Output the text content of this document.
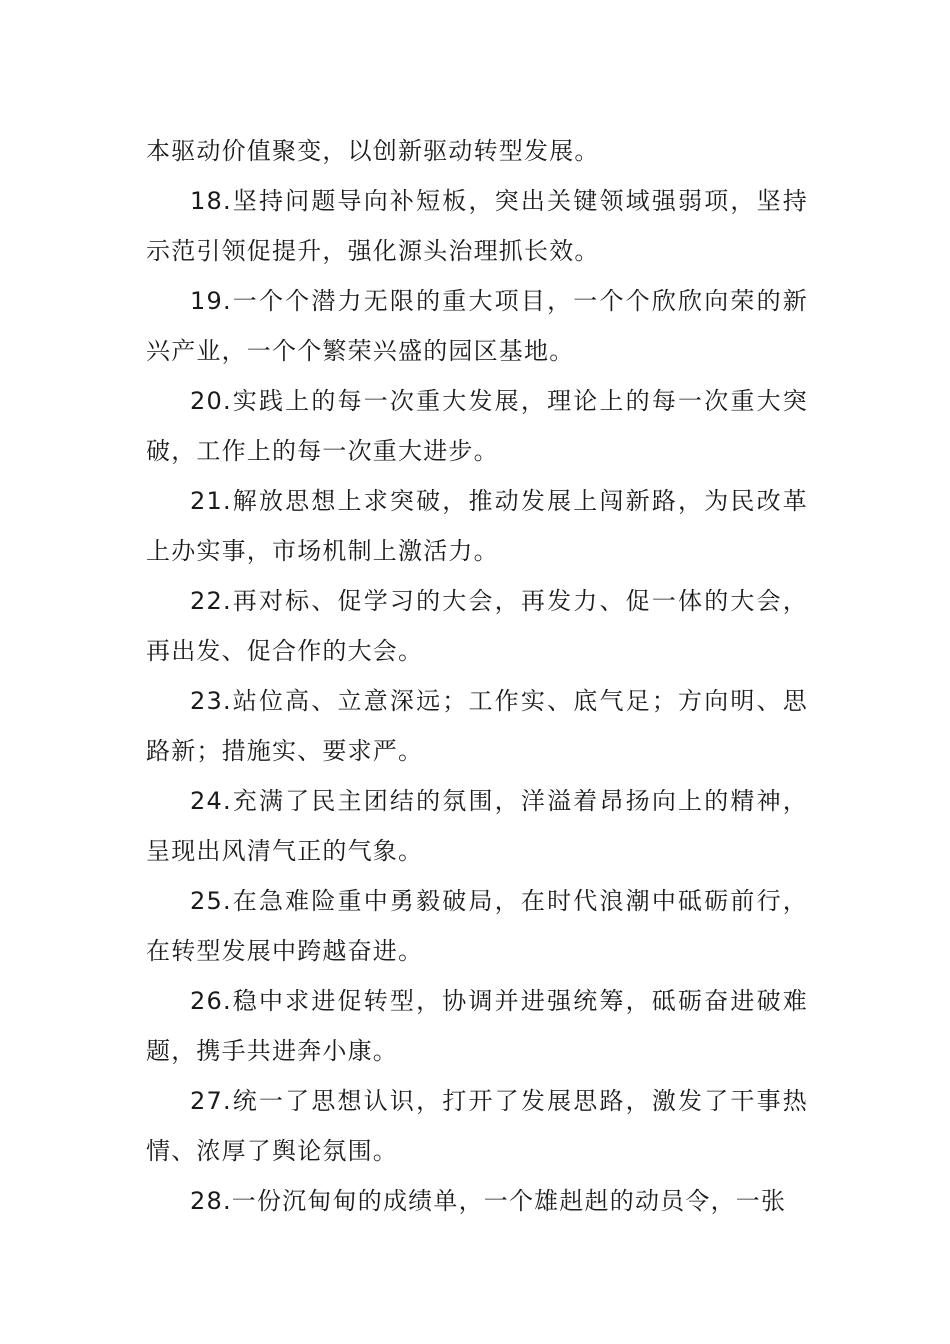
本驱动价值聚变，以创新驱动转型发展。

18.坚持问题导向补短板，突出关键领域强弱项，坚持示范引领促提升，强化源头治理抓长效。

19.一个个潜力无限的重大项目，一个个欣欣向荣的新兴产业，一个个繁荣兴盛的园区基地。

20.实践上的每一次重大发展，理论上的每一次重大突破，工作上的每一次重大进步。

21.解放思想上求突破，推动发展上闯新路，为民改革上办实事，市场机制上激活力。

22.再对标、促学习的大会，再发力、促一体的大会，再出发、促合作的大会。

23.站位高、立意深远；工作实、底气足；方向明、思路新；措施实、要求严。

24.充满了民主团结的氛围，洋溢着昂扬向上的精神，呈现出风清气正的气象。

25.在急难险重中勇毅破局，在时代浪潮中砥砺前行，在转型发展中跨越奋进。

26.稳中求进促转型，协调并进强统筹，砥砺奋进破难题，携手共进奔小康。

27.统一了思想认识，打开了发展思路，激发了干事热情、浓厚了舆论氛围。

28.一份沉甸甸的成绩单，一个雄赳赳的动员令，一张
